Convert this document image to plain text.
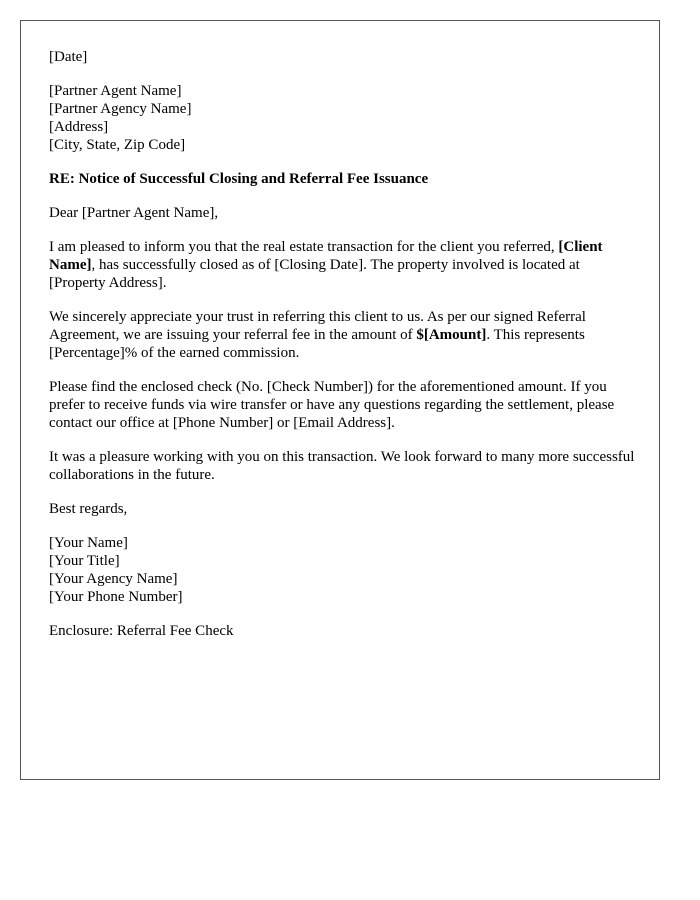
[Date]
[Partner Agent Name]
[Partner Agency Name]
[Address]
[City, State, Zip Code]
RE: Notice of Successful Closing and Referral Fee Issuance
Dear [Partner Agent Name],

I am pleased to inform you that the real estate transaction for the client you referred, [Client Name], has successfully closed as of [Closing Date]. The property involved is located at [Property Address].

We sincerely appreciate your trust in referring this client to us. As per our signed Referral Agreement, we are issuing your referral fee in the amount of $[Amount]. This represents [Percentage]% of the earned commission.

Please find the enclosed check (No. [Check Number]) for the aforementioned amount. If you prefer to receive funds via wire transfer or have any questions regarding the settlement, please contact our office at [Phone Number] or [Email Address].

It was a pleasure working with you on this transaction. We look forward to many more successful collaborations in the future.

Best regards,
[Your Name]
[Your Title]
[Your Agency Name]
[Your Phone Number]
Enclosure: Referral Fee Check
